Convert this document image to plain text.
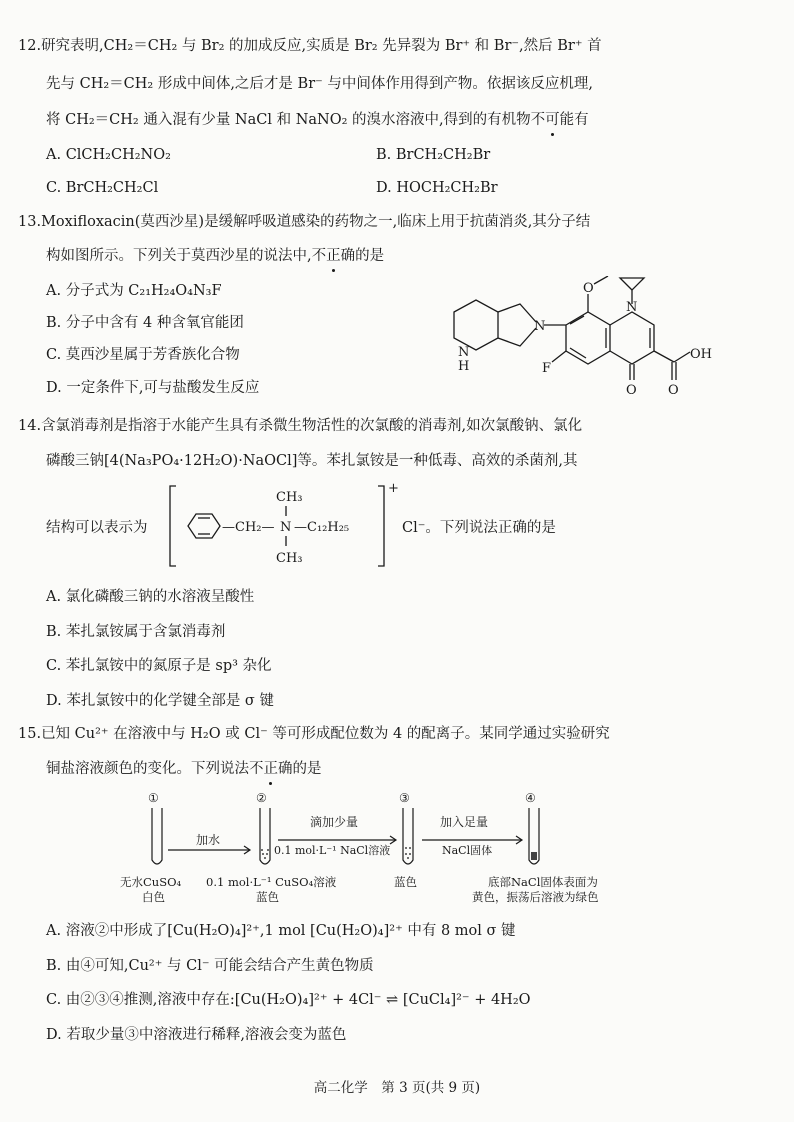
12.研究表明,CH₂＝CH₂ 与 Br₂ 的加成反应,实质是 Br₂ 先异裂为 Br⁺ 和 Br⁻,然后 Br⁺ 首
先与 CH₂＝CH₂ 形成中间体,之后才是 Br⁻ 与中间体作用得到产物。依据该反应机理,
将 CH₂＝CH₂ 通入混有少量 NaCl 和 NaNO₂ 的溴水溶液中,得到的有机物不可能有
A. ClCH₂CH₂NO₂	B. BrCH₂CH₂Br
C. BrCH₂CH₂Cl	D. HOCH₂CH₂Br
13.Moxifloxacin(莫西沙星)是缓解呼吸道感染的药物之一,临床上用于抗菌消炎,其分子结
构如图所示。下列关于莫西沙星的说法中,不正确的是
A. 分子式为 C₂₁H₂₄O₄N₃F
B. 分子中含有 4 种含氧官能团
C. 莫西沙星属于芳香族化合物
D. 一定条件下,可与盐酸发生反应
O
N
N
N
H	F
O
OH
O
14.含氯消毒剂是指溶于水能产生具有杀微生物活性的次氯酸的消毒剂,如次氯酸钠、氯化
磷酸三钠[4(Na₃PO₄·12H₂O)·NaOCl]等。苯扎氯铵是一种低毒、高效的杀菌剂,其
结构可以表示为
CH₃
—CH₂— N —C₁₂H₂₅
CH₃
+
Cl⁻。下列说法正确的是
A. 氯化磷酸三钠的水溶液呈酸性
B. 苯扎氯铵属于含氯消毒剂
C. 苯扎氯铵中的氮原子是 sp³ 杂化
D. 苯扎氯铵中的化学键全部是 σ 键
15.已知 Cu²⁺ 在溶液中与 H₂O 或 Cl⁻ 等可形成配位数为 4 的配离子。某同学通过实验研究
铜盐溶液颜色的变化。下列说法不正确的是
①	②	③	④
加水
滴加少量
0.1 mol·L⁻¹ NaCl溶液
加入足量
NaCl固体
无水CuSO₄
白色
0.1 mol·L⁻¹ CuSO₄溶液
蓝色
蓝色	底部NaCl固体表面为
黄色，振荡后溶液为绿色
A. 溶液②中形成了[Cu(H₂O)₄]²⁺,1 mol [Cu(H₂O)₄]²⁺ 中有 8 mol σ 键
B. 由④可知,Cu²⁺ 与 Cl⁻ 可能会结合产生黄色物质
C. 由②③④推测,溶液中存在:[Cu(H₂O)₄]²⁺ + 4Cl⁻ ⇌ [CuCl₄]²⁻ + 4H₂O
D. 若取少量③中溶液进行稀释,溶液会变为蓝色
高二化学　第 3 页(共 9 页)
